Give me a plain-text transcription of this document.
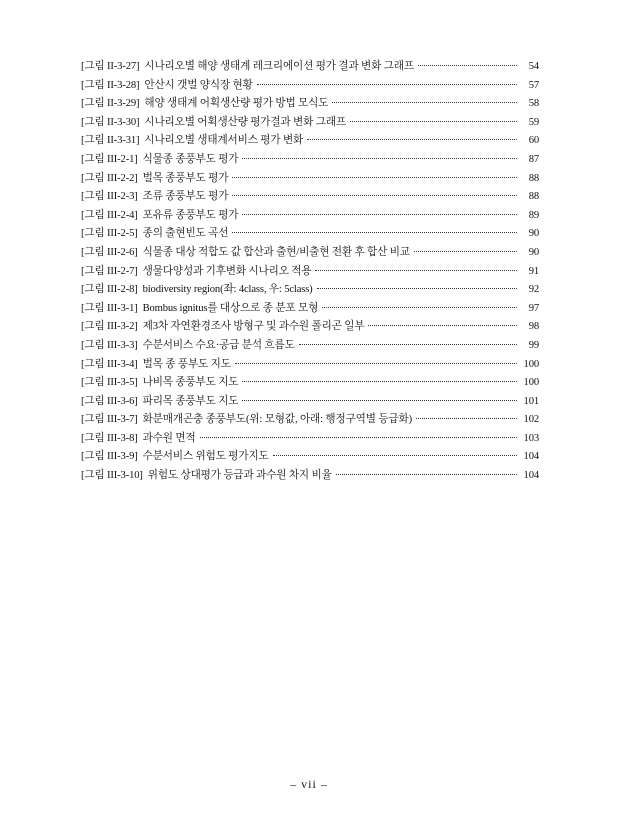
[그림 II-3-27] 시나리오별 해양 생태계 레크리에이션 평가 결과 변화 그래프	54
[그림 II-3-28] 안산시 갯벌 양식장 현황	57
[그림 II-3-29] 해양 생태계 어획생산량 평가 방법 모식도	58
[그림 II-3-30] 시나리오별 어획생산량 평가결과 변화 그래프	59
[그림 II-3-31] 시나리오별 생태계서비스 평가 변화	60
[그림 III-2-1] 식물종 종풍부도 평가	87
[그림 III-2-2] 벌목 종풍부도 평가	88
[그림 III-2-3] 조류 종풍부도 평가	88
[그림 III-2-4] 포유류 종풍부도 평가	89
[그림 III-2-5] 종의 출현빈도 곡선	90
[그림 III-2-6] 식물종 대상 적합도 값 합산과 출현/비출현 전환 후 합산 비교	90
[그림 III-2-7] 생물다양성과 기후변화 시나리오 적용	91
[그림 III-2-8] biodiversity region(좌: 4class, 우: 5class)	92
[그림 III-3-1] Bombus ignitus를 대상으로 종 분포 모형	97
[그림 III-3-2] 제3차 자연환경조사 방형구 및 과수원 폴리곤 일부	98
[그림 III-3-3] 수분서비스 수요·공급 분석 흐름도	99
[그림 III-3-4] 벌목 종 풍부도 지도	100
[그림 III-3-5] 나비목 종풍부도 지도	100
[그림 III-3-6] 파리목 종풍부도 지도	101
[그림 III-3-7] 화분매개곤충 종풍부도(위: 모형값, 아래: 행정구역별 등급화)	102
[그림 III-3-8] 과수원 면적	103
[그림 III-3-9] 수분서비스 위험도 평가지도	104
[그림 III-3-10] 위험도 상대평가 등급과 과수원 차지 비율	104
– vii –
